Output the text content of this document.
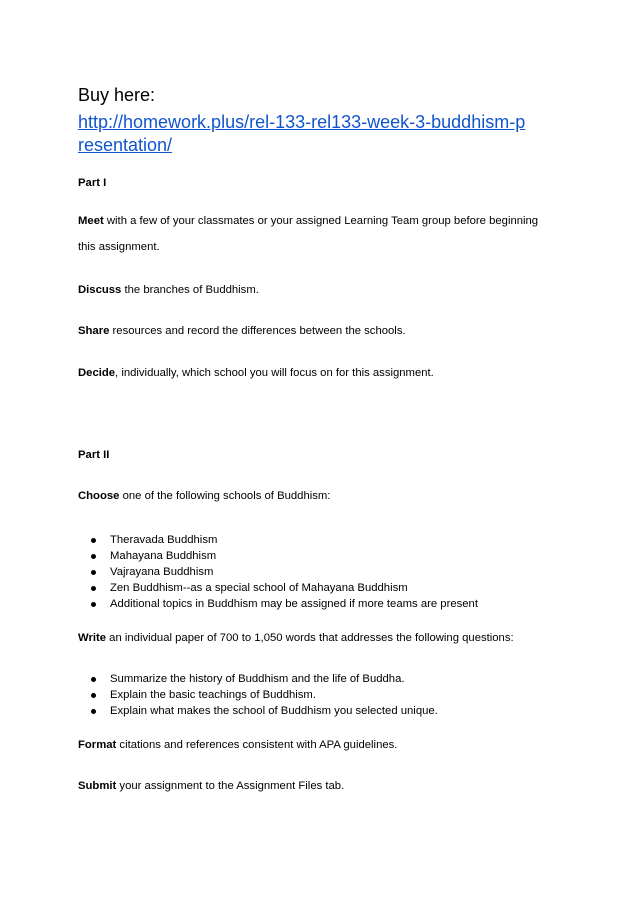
Buy here:
http://homework.plus/rel-133-rel133-week-3-buddhism-p
resentation/
Part I
Meet with a few of your classmates or your assigned Learning Team group before beginning
this assignment.
Discuss the branches of Buddhism.
Share resources and record the differences between the schools.
Decide, individually, which school you will focus on for this assignment.
Part II
Choose one of the following schools of Buddhism:
Theravada Buddhism
Mahayana Buddhism
Vajrayana Buddhism
Zen Buddhism--as a special school of Mahayana Buddhism
Additional topics in Buddhism may be assigned if more teams are present
Write an individual paper of 700 to 1,050 words that addresses the following questions:
Summarize the history of Buddhism and the life of Buddha.
Explain the basic teachings of Buddhism.
Explain what makes the school of Buddhism you selected unique.
Format citations and references consistent with APA guidelines.
Submit your assignment to the Assignment Files tab.
